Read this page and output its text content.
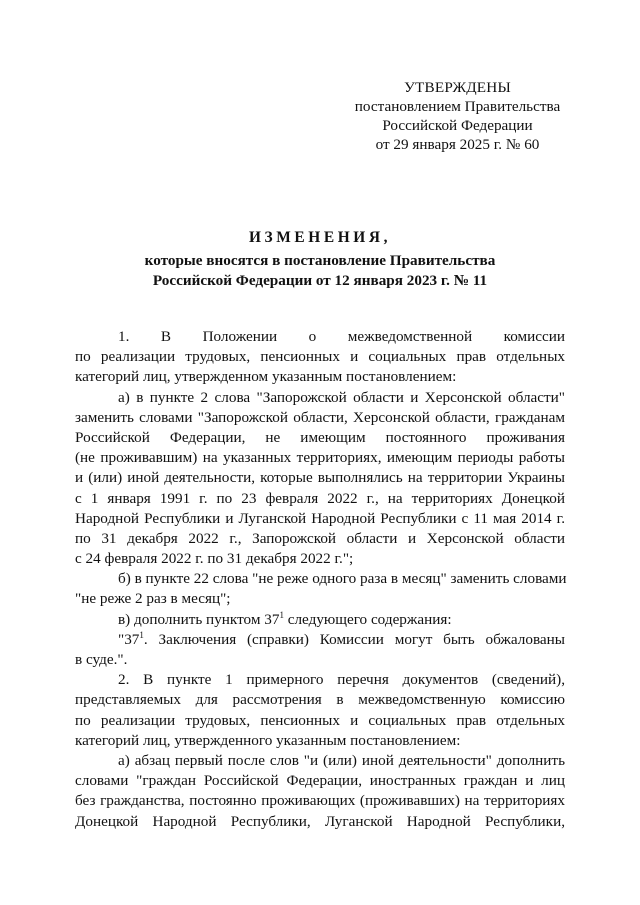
УТВЕРЖДЕНЫ
постановлением Правительства
Российской Федерации
от 29 января 2025 г. № 60
ИЗМЕНЕНИЯ,
которые вносятся в постановление Правительства
Российской Федерации от 12 января 2023 г. № 11
1. В Положении о межведомственной комиссии
по реализации трудовых, пенсионных и социальных прав отдельных
категорий лиц, утвержденном указанным постановлением:
а) в пункте 2 слова "Запорожской области и Херсонской области"
заменить словами "Запорожской области, Херсонской области, гражданам
Российской Федерации, не имеющим постоянного проживания
(не проживавшим) на указанных территориях, имеющим периоды работы
и (или) иной деятельности, которые выполнялись на территории Украины
с 1 января 1991 г. по 23 февраля 2022 г., на территориях Донецкой
Народной Республики и Луганской Народной Республики с 11 мая 2014 г.
по 31 декабря 2022 г., Запорожской области и Херсонской области
с 24 февраля 2022 г. по 31 декабря 2022 г.";
б) в пункте 22 слова "не реже одного раза в месяц" заменить словами
"не реже 2 раз в месяц";
в) дополнить пунктом $37^1$ следующего содержания:
"$37^1$. Заключения (справки) Комиссии могут быть обжалованы
в суде.".
2. В пункте 1 примерного перечня документов (сведений),
представляемых для рассмотрения в межведомственную комиссию
по реализации трудовых, пенсионных и социальных прав отдельных
категорий лиц, утвержденного указанным постановлением:
а) абзац первый после слов "и (или) иной деятельности" дополнить
словами "граждан Российской Федерации, иностранных граждан и лиц
без гражданства, постоянно проживающих (проживавших) на территориях
Донецкой Народной Республики, Луганской Народной Республики,
